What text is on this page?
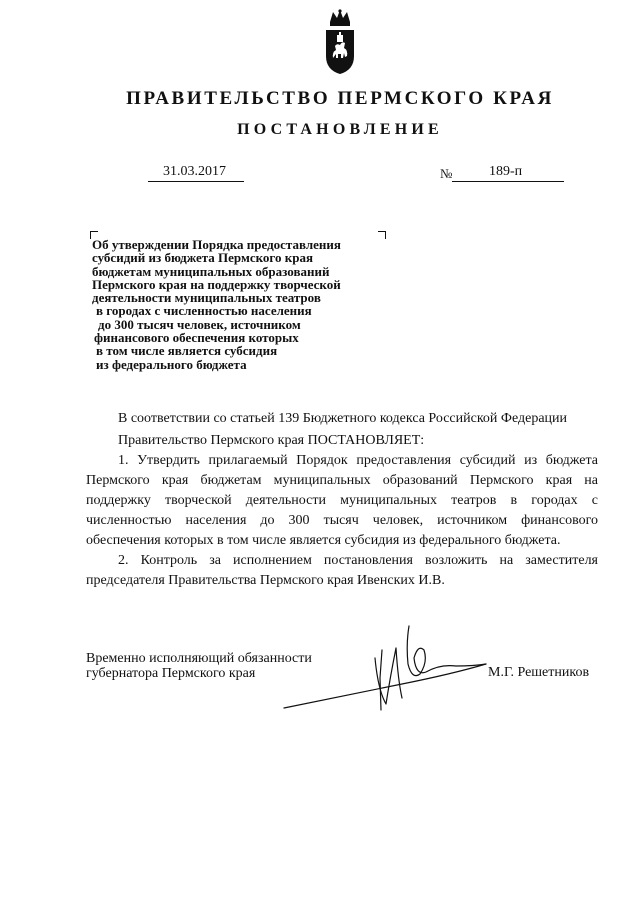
ПРАВИТЕЛЬСТВО ПЕРМСКОГО КРАЯ
ПОСТАНОВЛЕНИЕ
31.03.2017	№	189-п
Об утверждении Порядка предоставления
субсидий из бюджета Пермского края
бюджетам муниципальных образований
Пермского края на поддержку творческой
деятельности муниципальных театров
в городах с численностью населения
до 300 тысяч человек, источником
финансового обеспечения которых
в том числе является субсидия
из федерального бюджета

В соответствии со статьей 139 Бюджетного кодекса Российской Федерации

Правительство Пермского края ПОСТАНОВЛЯЕТ:

1. Утвердить прилагаемый Порядок предоставления субсидий из бюджета Пермского края бюджетам муниципальных образований Пермского края на поддержку творческой деятельности муниципальных театров в городах с численностью населения до 300 тысяч человек, источником финансового обеспечения которых в том числе является субсидия из федерального бюджета.

2. Контроль за исполнением постановления возложить на заместителя председателя Правительства Пермского края Ивенских И.В.

Временно исполняющий обязанности
губернатора Пермского края	М.Г. Решетников
